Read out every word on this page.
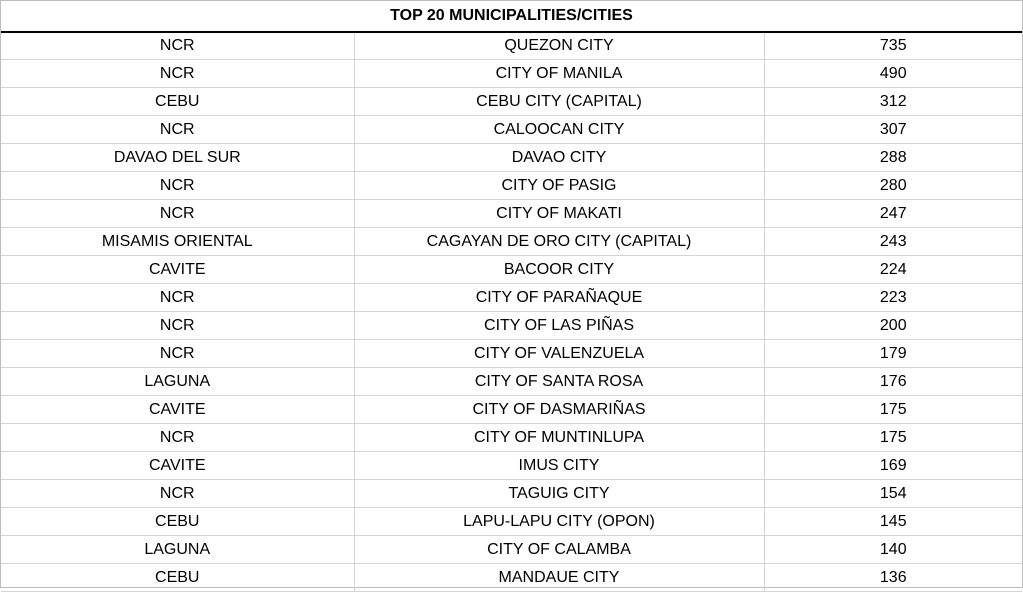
TOP 20 MUNICIPALITIES/CITIES
NCR	QUEZON CITY	735
NCR	CITY OF MANILA	490
CEBU	CEBU CITY (CAPITAL)	312
NCR	CALOOCAN CITY	307
DAVAO DEL SUR	DAVAO CITY	288
NCR	CITY OF PASIG	280
NCR	CITY OF MAKATI	247
MISAMIS ORIENTAL	CAGAYAN DE ORO CITY (CAPITAL)	243
CAVITE	BACOOR CITY	224
NCR	CITY OF PARAÑAQUE	223
NCR	CITY OF LAS PIÑAS	200
NCR	CITY OF VALENZUELA	179
LAGUNA	CITY OF SANTA ROSA	176
CAVITE	CITY OF DASMARIÑAS	175
NCR	CITY OF MUNTINLUPA	175
CAVITE	IMUS CITY	169
NCR	TAGUIG CITY	154
CEBU	LAPU-LAPU CITY (OPON)	145
LAGUNA	CITY OF CALAMBA	140
CEBU	MANDAUE CITY	136
